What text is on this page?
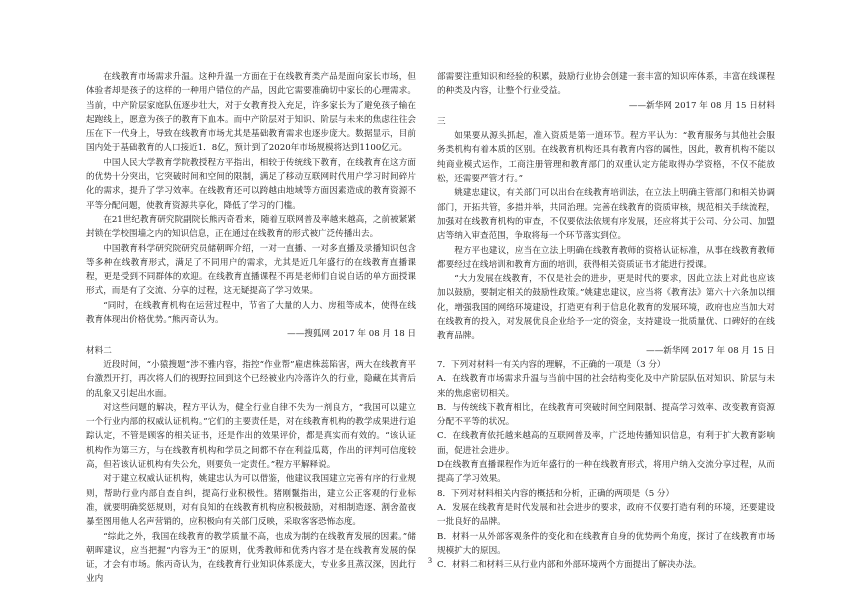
在线教育市场需求升温。这种升温一方面在于在线教育类产品是面向家长市场，但体验者却是孩子的这样的一种用户错位的产品，因此它需要准确切中家长的心理需求。当前，中产阶层家庭队伍逐步壮大，对于女教育投入充足，许多家长为了避免孩子输在起跑线上，愿意为孩子的教育下血本。而中产阶层对于知识、阶层与未来的焦虑往往会压在下一代身上，导致在线教育市场尤其是基础教育需求也逐步庞大。数据显示，目前国内处于基础教育的人口接近1．8亿，预计到了2020年市场规模将达到1100亿元。

中国人民大学教育学院教授程方平指出，相较于传统线下教育，在线教育在这方面的优势十分突出，它突破时间和空间的限制，满足了移动互联网时代用户学习时间碎片化的需求，提升了学习效率。在线教育还可以跨越由地域等方面因素造成的教育资源不平等分配问题，使教育资源共享化，降低了学习的门槛。

在21世纪教育研究院副院长熊丙奇看来，随着互联网普及率越来越高，之前被紧紧封锁在学校围墙之内的知识信息，正在通过在线教育的形式被广泛传播出去。

中国教育科学研究院研究员储朝晖介绍，一对一直播、一对多直播及录播知识包含等多种在线教育形式，满足了不同用户的需求，尤其是近几年盛行的在线教育直播课程，更是受到不同群体的欢迎。在线教育直播课程不再是老师们自说自话的单方面授课形式，而是有了交流、分享的过程，这无疑提高了学习效果。

“同时，在线教育机构在运营过程中，节省了大量的人力、房租等成本，使得在线教育体现出价格优势。”熊丙奇认为。

——搜狐网 2017 年 08 月 18 日

材料二

近段时间，“小猿搜题”涉不雅内容，指控“作业帮”雇虐株蕊陷害，两大在线教育平台激烈开打，再次将人们的视野拉回到这个已经被业内冷落许久的行业，隐藏在其背后的乱象又引起出水面。

对这些问题的解决，程方平认为，健全行业自律不失为一剂良方，“我国可以建立一个行业内部的权威认证机构。”它们的主要责任是，对在线教育机构的教学成果进行追踪认定，不管是顾客的相关证书，还是作出的效果评价，都是真实而有效的。“该认证机构作为第三方，与在线教育机构和学员之间都不存在利益瓜葛，作出的评判可信度较高，但若该认证机构有失公允，则要负一定责任。”程方平解释说。

对于建立权威认证机构，姚建忠认为可以借鉴，他建议我国建立完善有序的行业规则，帮助行业内部自查自纠，提高行业积极性。猪刚鬣指出，建立公正客观的行业标准，就要明确奖惩规则，对有良知的在线教育机构应积极鼓励，对相制造逐、割舍盈夜暴至图用他人名声营销的，应积极向有关部门反映，采取客客恐怖态度。

“综此之外，我国在线教育的教学质量不高，也成为制约在线教育发展的因素。”储朝晖建议，应当把握“内容为王”的原则，优秀教师和优秀内容才是在线教育发展的保证，才会有市场。熊丙奇认为，在线教育行业知识体系庞大，专业多且蒸汉深，因此行业内

部需要注重知识和经验的积累，鼓励行业协会创建一套丰富的知识库体系，丰富在线课程的种类及内容，让整个行业受益。

——新华网 2017 年 08 月 15 日材料

三

如果要从源头抓起，准入资质是第一道环节。程方平认为：“教育服务与其他社会服务类机构有着本质的区别。在线教育机构还具有教育内容的属性，因此，教育机构不能以纯商业模式运作，工商注册管理和教育部门的双重认定方能取得办学资格，不仅不能放松，还需要严管才行。”

姚建忠建议，有关部门可以出台在线教育培训法，在立法上明确主管部门和相关协调部门，开拓共管，多措并举，共同治理。完善在线教育的资质审核，规范相关手续流程，加强对在线教育机构的审查，不仅要依法依规有序发展，还应将其于公司、分公司、加盟店等纳入审查范围，争取将每一个环节落实到位。

程方平也建议，应当在立法上明确在线教育教师的资格认证标准，从事在线教育教师都要经过在线培训和教育方面的培训，获得相关资质证书才能进行授课。

“大力发展在线教育，不仅是社会的进步，更是时代的要求，因此立法上对此也应该加以鼓励，要制定相关的鼓励性政策。”姚建忠建议，应当将《教育法》第六十六条加以细化，增强我国的网络环境建设，打造更有利于信息化教育的发展环境，政府也应当加大对在线教育的投入，对发展优良企业给予一定的资金，支持建设一批质量优、口碑好的在线教育品牌。

——新华网 2017 年 08 月 15 日

7．下列对材料一有关内容的理解，不正确的一项是（3 分）

A．在线教育市场需求升温与当前中国的社会结构变化及中产阶层队伍对知识、阶层与未来的焦虑密切相关。

B．与传统线下教育相比，在线教育可突破时间空间限制、提高学习效率、改变教育资源分配不平等的状况。

C．在线教育依托越来越高的互联网普及率，广泛地传播知识信息，有利于扩大教育影响面，促进社会进步。

D在线教育直播课程作为近年盛行的一种在线教育形式，将用户纳入交流分享过程，从而提高了学习效果。

8．下列对材料相关内容的概括和分析，正确的两项是（5 分）

A．发展在线教育是时代发展和社会进步的要求，政府不仅要打造有利的环境，还要建设一批良好的品牌。

B．材料一从外部客观条件的变化和在线教育自身的优势两个角度，探讨了在线教育市场规模扩大的原因。

C．材料二和材料三从行业内部和外部环境两个方面提出了解决办法。

3
